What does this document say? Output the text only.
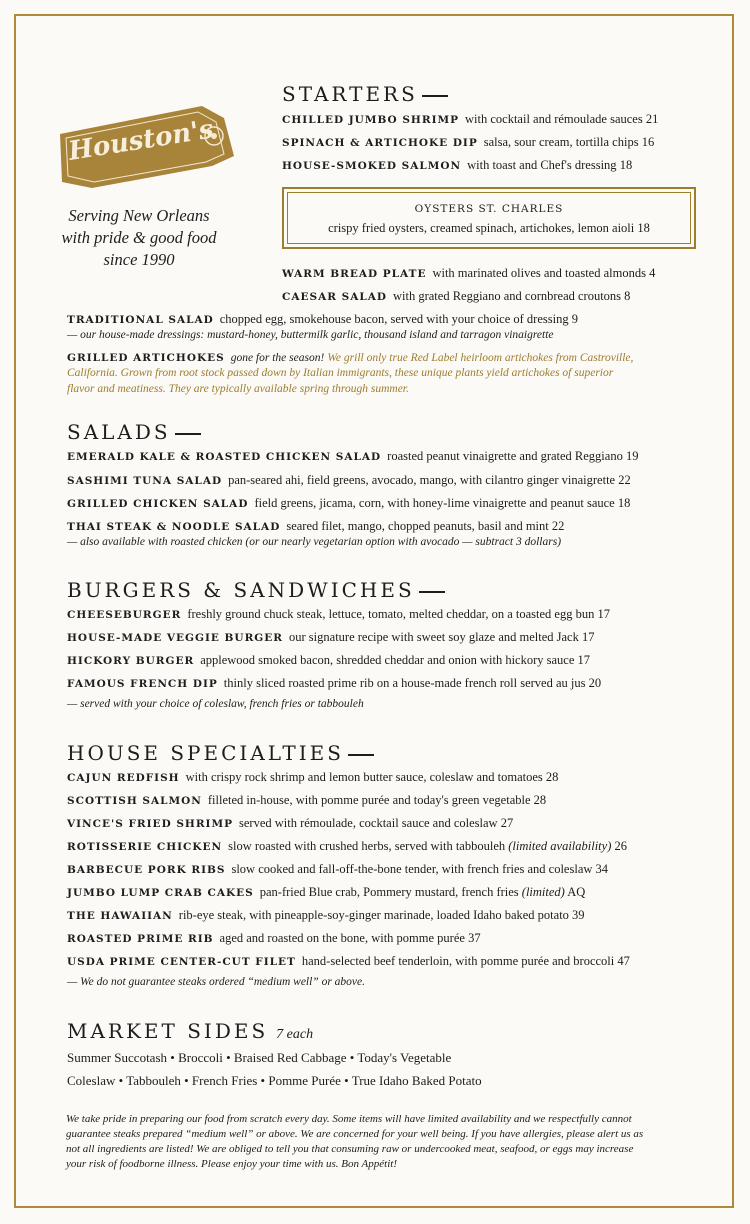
Houston's
Serving New Orleans
with pride & good food
since 1990
STARTERS
CHILLED JUMBO SHRIMP with cocktail and rémoulade sauces 21
SPINACH & ARTICHOKE DIP salsa, sour cream, tortilla chips 16
HOUSE-SMOKED SALMON with toast and Chef's dressing 18
OYSTERS ST. CHARLES
crispy fried oysters, creamed spinach, artichokes, lemon aioli 18
WARM BREAD PLATE with marinated olives and toasted almonds 4
CAESAR SALAD with grated Reggiano and cornbread croutons 8
TRADITIONAL SALAD chopped egg, smokehouse bacon, served with your choice of dressing 9
— our house-made dressings: mustard-honey, buttermilk garlic, thousand island and tarragon vinaigrette
GRILLED ARTICHOKES gone for the season! We grill only true Red Label heirloom artichokes from Castroville,
California. Grown from root stock passed down by Italian immigrants, these unique plants yield artichokes of superior
flavor and meatiness. They are typically available spring through summer.
SALADS
EMERALD KALE & ROASTED CHICKEN SALAD roasted peanut vinaigrette and grated Reggiano 19
SASHIMI TUNA SALAD pan-seared ahi, field greens, avocado, mango, with cilantro ginger vinaigrette 22
GRILLED CHICKEN SALAD field greens, jicama, corn, with honey-lime vinaigrette and peanut sauce 18
THAI STEAK & NOODLE SALAD seared filet, mango, chopped peanuts, basil and mint 22
— also available with roasted chicken (or our nearly vegetarian option with avocado — subtract 3 dollars)
BURGERS & SANDWICHES
CHEESEBURGER freshly ground chuck steak, lettuce, tomato, melted cheddar, on a toasted egg bun 17
HOUSE-MADE VEGGIE BURGER our signature recipe with sweet soy glaze and melted Jack 17
HICKORY BURGER applewood smoked bacon, shredded cheddar and onion with hickory sauce 17
FAMOUS FRENCH DIP thinly sliced roasted prime rib on a house-made french roll served au jus 20
— served with your choice of coleslaw, french fries or tabbouleh
HOUSE SPECIALTIES
CAJUN REDFISH with crispy rock shrimp and lemon butter sauce, coleslaw and tomatoes 28
SCOTTISH SALMON filleted in-house, with pomme purée and today's green vegetable 28
VINCE'S FRIED SHRIMP served with rémoulade, cocktail sauce and coleslaw 27
ROTISSERIE CHICKEN slow roasted with crushed herbs, served with tabbouleh (limited availability) 26
BARBECUE PORK RIBS slow cooked and fall-off-the-bone tender, with french fries and coleslaw 34
JUMBO LUMP CRAB CAKES pan-fried Blue crab, Pommery mustard, french fries (limited) AQ
THE HAWAIIAN rib-eye steak, with pineapple-soy-ginger marinade, loaded Idaho baked potato 39
ROASTED PRIME RIB aged and roasted on the bone, with pomme purée 37
USDA PRIME CENTER-CUT FILET hand-selected beef tenderloin, with pomme purée and broccoli 47
— We do not guarantee steaks ordered “medium well” or above.
MARKET SIDES 7 each
Summer Succotash • Broccoli • Braised Red Cabbage • Today's Vegetable
Coleslaw • Tabbouleh • French Fries • Pomme Purée • True Idaho Baked Potato
We take pride in preparing our food from scratch every day. Some items will have limited availability and we respectfully cannot
guarantee steaks prepared “medium well” or above. We are concerned for your well being. If you have allergies, please alert us as
not all ingredients are listed! We are obliged to tell you that consuming raw or undercooked meat, seafood, or eggs may increase
your risk of foodborne illness. Please enjoy your time with us. Bon Appétit!
